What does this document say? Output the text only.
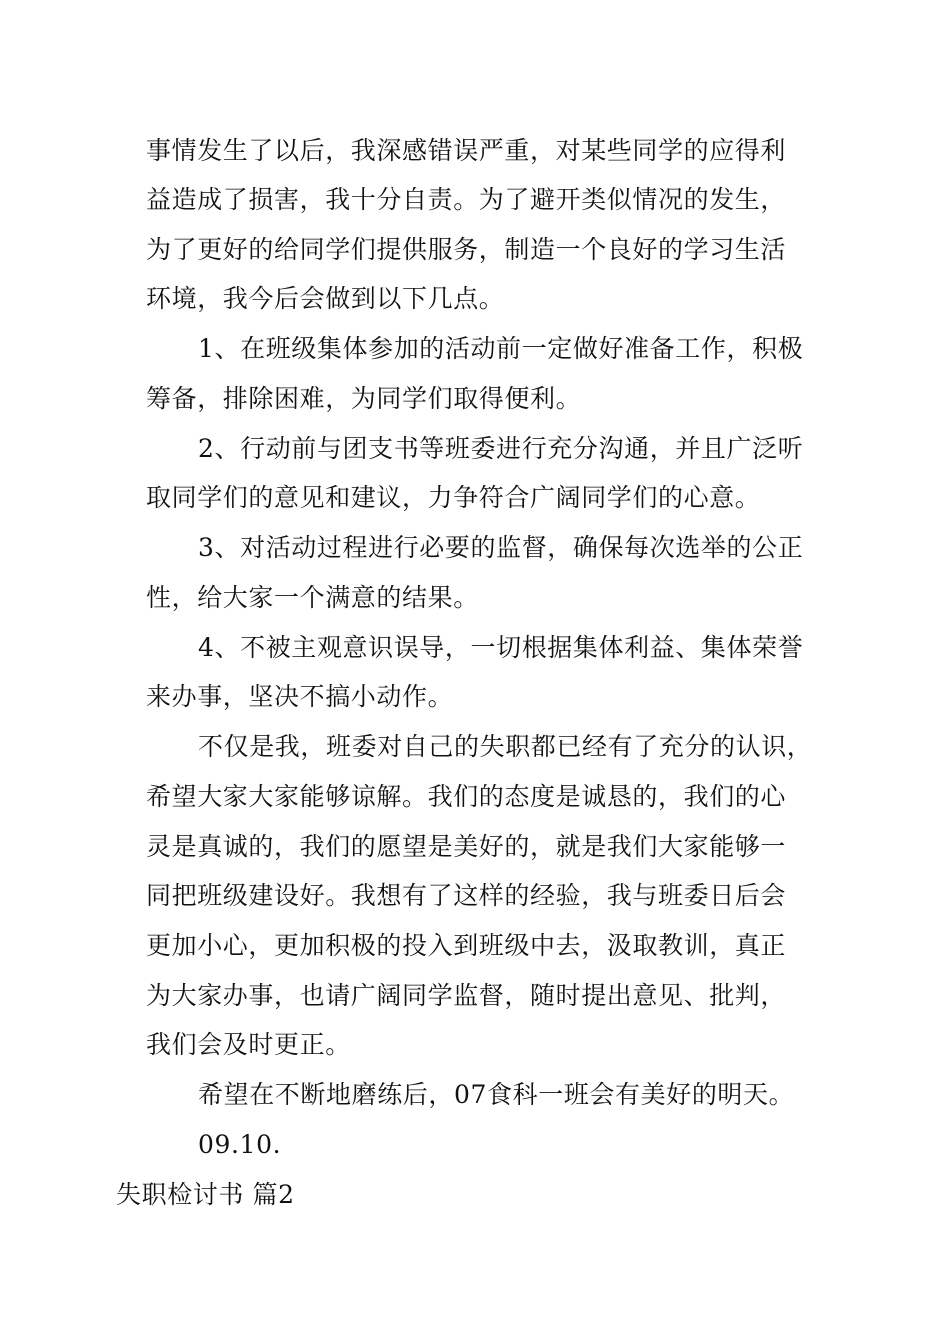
事情发生了以后，我深感错误严重，对某些同学的应得利
益造成了损害，我十分自责。为了避开类似情况的发生，
为了更好的给同学们提供服务，制造一个良好的学习生活
环境，我今后会做到以下几点。
1、在班级集体参加的活动前一定做好准备工作，积极
筹备，排除困难，为同学们取得便利。
2、行动前与团支书等班委进行充分沟通，并且广泛听
取同学们的意见和建议，力争符合广阔同学们的心意。
3、对活动过程进行必要的监督，确保每次选举的公正
性，给大家一个满意的结果。
4、不被主观意识误导，一切根据集体利益、集体荣誉
来办事，坚决不搞小动作。
不仅是我，班委对自己的失职都已经有了充分的认识，
希望大家大家能够谅解。我们的态度是诚恳的，我们的心
灵是真诚的，我们的愿望是美好的，就是我们大家能够一
同把班级建设好。我想有了这样的经验，我与班委日后会
更加小心，更加积极的投入到班级中去，汲取教训，真正
为大家办事，也请广阔同学监督，随时提出意见、批判，
我们会及时更正。
希望在不断地磨练后，07食科一班会有美好的明天。
09.10.
失职检讨书 篇2
